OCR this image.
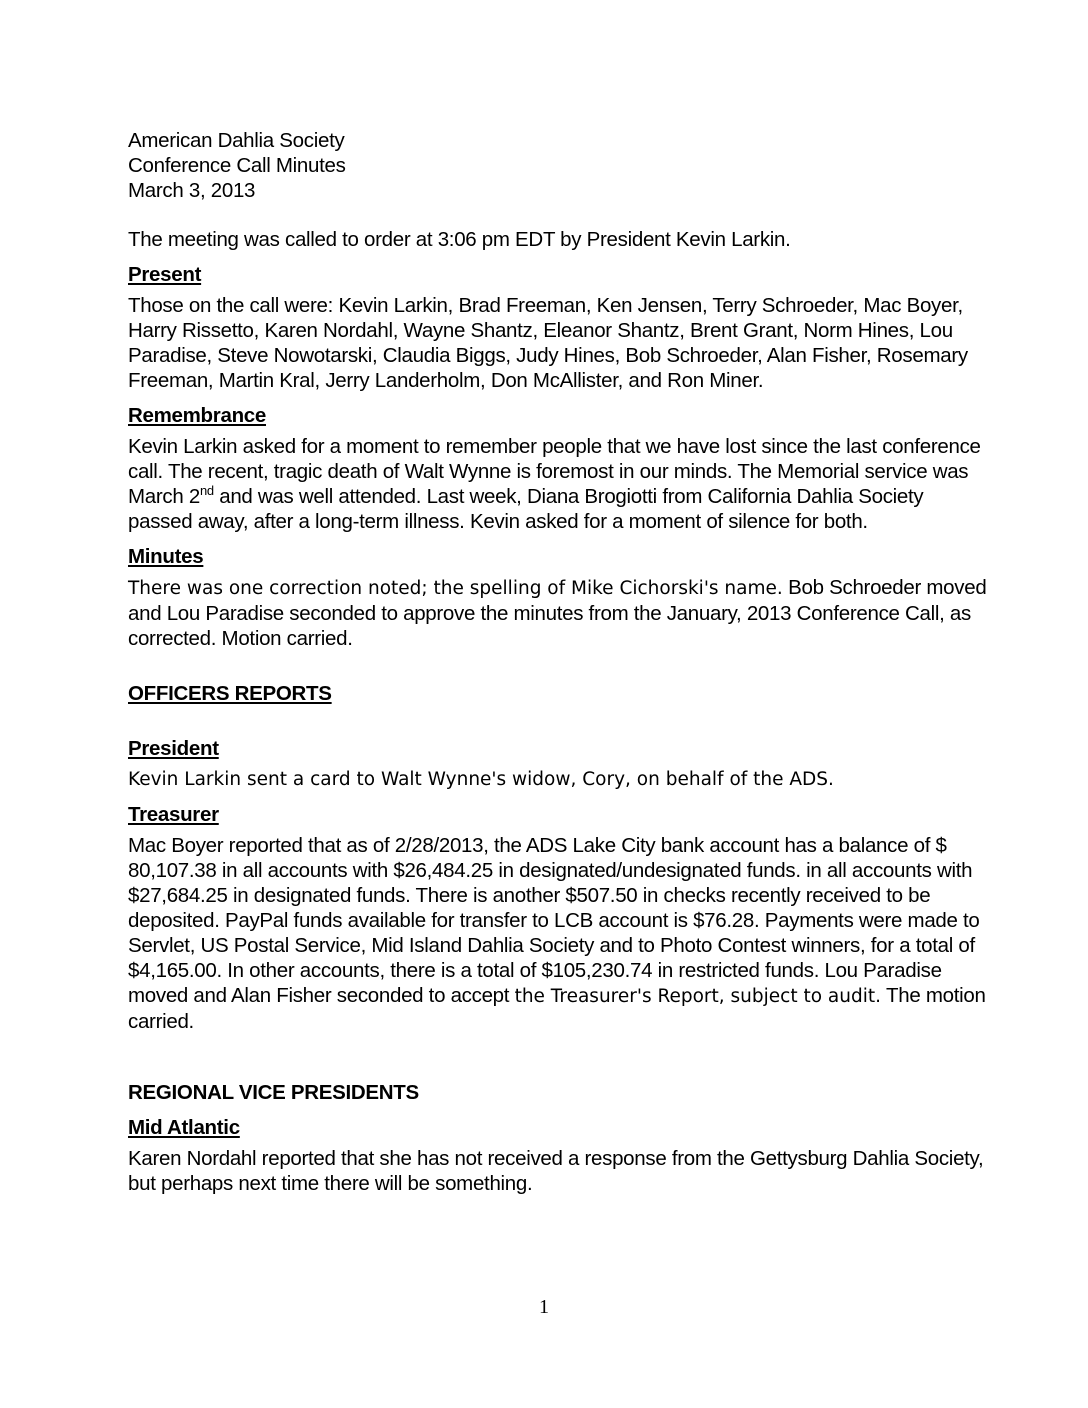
American Dahlia Society

Conference Call Minutes

March 3, 2013

The meeting was called to order at 3:06 pm EDT by President Kevin Larkin.

Present

Those on the call were: Kevin Larkin, Brad Freeman, Ken Jensen, Terry Schroeder, Mac Boyer, Harry Rissetto, Karen Nordahl, Wayne Shantz, Eleanor Shantz, Brent Grant, Norm Hines, Lou Paradise, Steve Nowotarski, Claudia Biggs, Judy Hines, Bob Schroeder, Alan Fisher, Rosemary Freeman, Martin Kral, Jerry Landerholm, Don McAllister, and Ron Miner.

Remembrance

Kevin Larkin asked for a moment to remember people that we have lost since the last conference call. The recent, tragic death of Walt Wynne is foremost in our minds. The Memorial service was March 2nd and was well attended. Last week, Diana Brogiotti from California Dahlia Society passed away, after a long-term illness. Kevin asked for a moment of silence for both.

Minutes

There was one correction noted; the spelling of Mike Cichorski's name. Bob Schroeder moved and Lou Paradise seconded to approve the minutes from the January, 2013 Conference Call, as corrected. Motion carried.

OFFICERS REPORTS
President

Kevin Larkin sent a card to Walt Wynne's widow, Cory, on behalf of the ADS.

Treasurer

Mac Boyer reported that as of 2/28/2013, the ADS Lake City bank account has a balance of $ 80,107.38 in all accounts with $26,484.25 in designated/undesignated funds. in all accounts with $27,684.25 in designated funds. There is another $507.50 in checks recently received to be deposited. PayPal funds available for transfer to LCB account is $76.28. Payments were made to Servlet, US Postal Service, Mid Island Dahlia Society and to Photo Contest winners, for a total of $4,165.00. In other accounts, there is a total of $105,230.74 in restricted funds. Lou Paradise moved and Alan Fisher seconded to accept the Treasurer's Report, subject to audit. The motion carried.

REGIONAL VICE PRESIDENTS
Mid Atlantic

Karen Nordahl reported that she has not received a response from the Gettysburg Dahlia Society, but perhaps next time there will be something.

1
